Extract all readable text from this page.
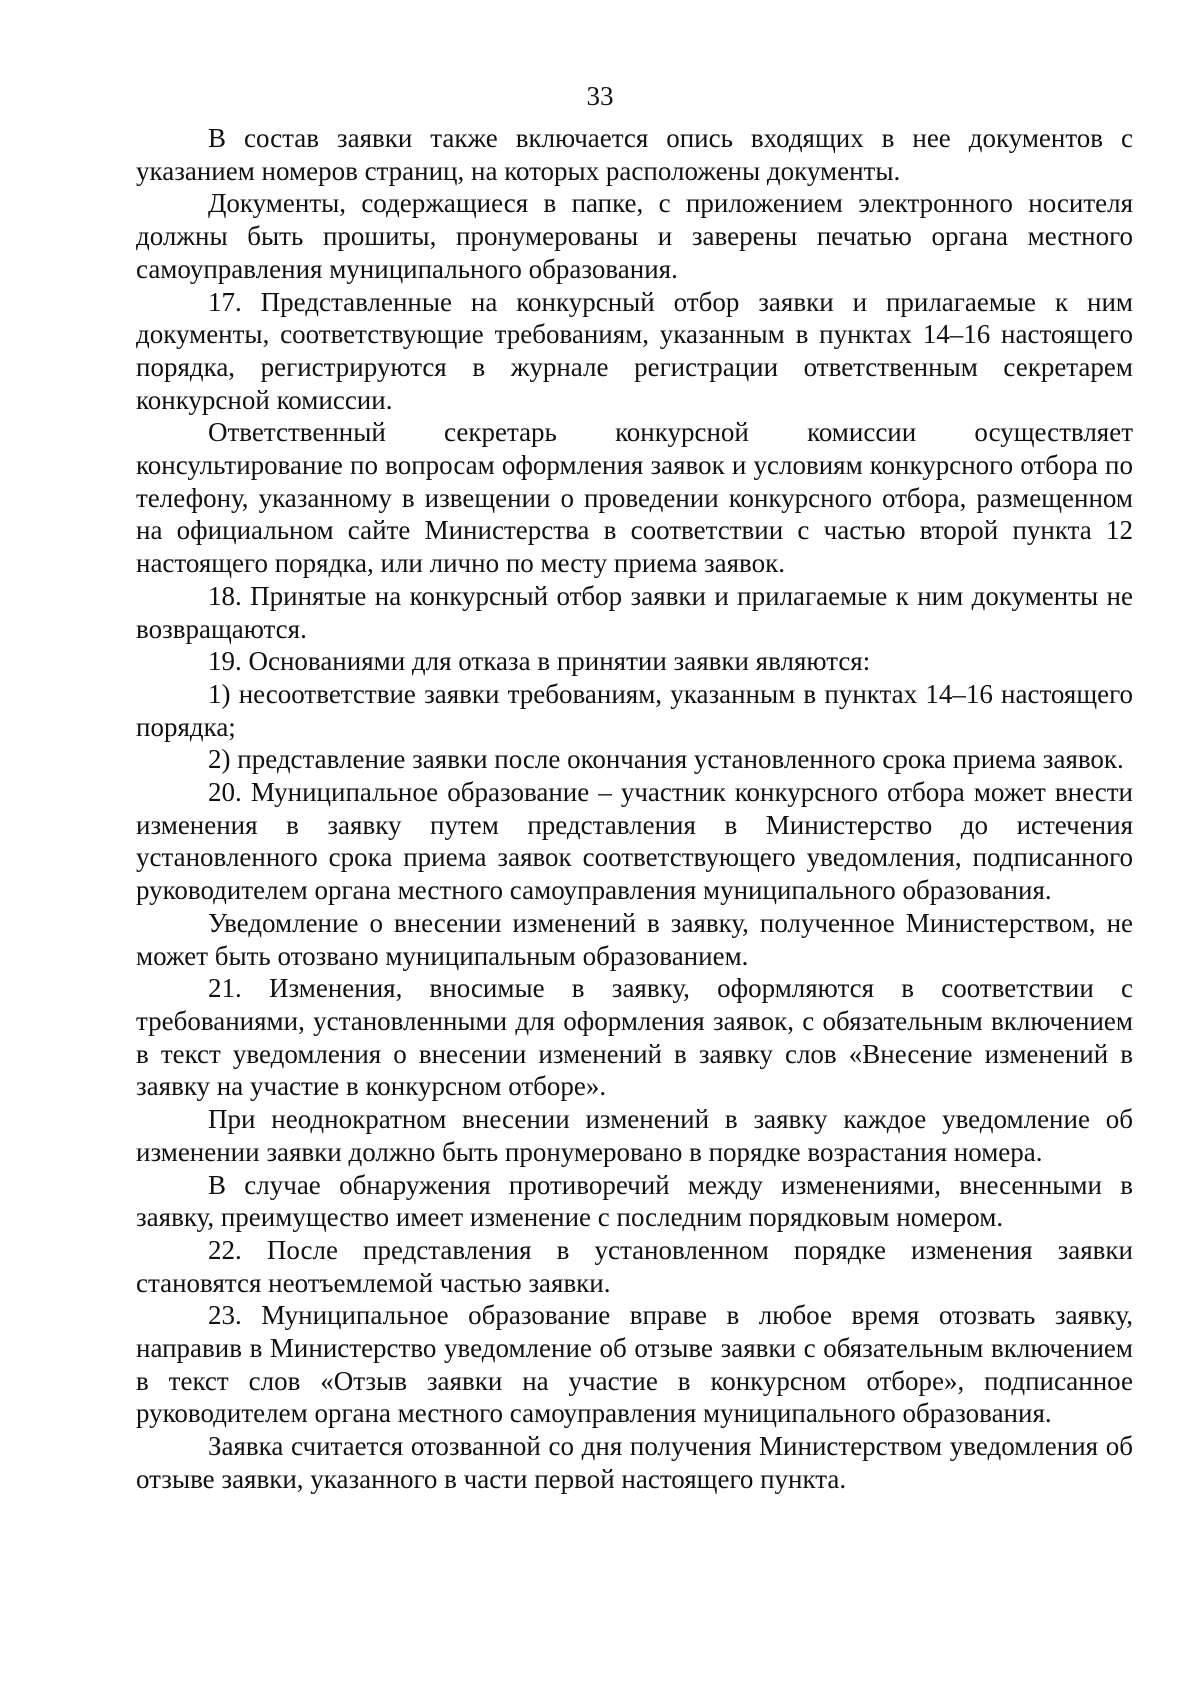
33

В состав заявки также включается опись входящих в нее документов с указанием номеров страниц, на которых расположены документы.

Документы, содержащиеся в папке, с приложением электронного носителя должны быть прошиты, пронумерованы и заверены печатью органа местного самоуправления муниципального образования.

17. Представленные на конкурсный отбор заявки и прилагаемые к ним документы, соответствующие требованиям, указанным в пунктах 14–16 настоящего порядка, регистрируются в журнале регистрации ответственным секретарем конкурсной комиссии.

Ответственный секретарь конкурсной комиссии осуществляет консультирование по вопросам оформления заявок и условиям конкурсного отбора по телефону, указанному в извещении о проведении конкурсного отбора, размещенном на официальном сайте Министерства в соответствии с частью второй пункта 12 настоящего порядка, или лично по месту приема заявок.

18. Принятые на конкурсный отбор заявки и прилагаемые к ним документы не возвращаются.

19. Основаниями для отказа в принятии заявки являются:

1) несоответствие заявки требованиям, указанным в пунктах 14–16 настоящего порядка;

2) представление заявки после окончания установленного срока приема заявок.

20. Муниципальное образование – участник конкурсного отбора может внести изменения в заявку путем представления в Министерство до истечения установленного срока приема заявок соответствующего уведомления, подписанного руководителем органа местного самоуправления муниципального образования.

Уведомление о внесении изменений в заявку, полученное Министерством, не может быть отозвано муниципальным образованием.

21. Изменения, вносимые в заявку, оформляются в соответствии с требованиями, установленными для оформления заявок, с обязательным включением в текст уведомления о внесении изменений в заявку слов «Внесение изменений в заявку на участие в конкурсном отборе».

При неоднократном внесении изменений в заявку каждое уведомление об изменении заявки должно быть пронумеровано в порядке возрастания номера.

В случае обнаружения противоречий между изменениями, внесенными в заявку, преимущество имеет изменение с последним порядковым номером.

22. После представления в установленном порядке изменения заявки становятся неотъемлемой частью заявки.

23. Муниципальное образование вправе в любое время отозвать заявку, направив в Министерство уведомление об отзыве заявки с обязательным включением в текст слов «Отзыв заявки на участие в конкурсном отборе», подписанное руководителем органа местного самоуправления муниципального образования.

Заявка считается отозванной со дня получения Министерством уведомления об отзыве заявки, указанного в части первой настоящего пункта.
